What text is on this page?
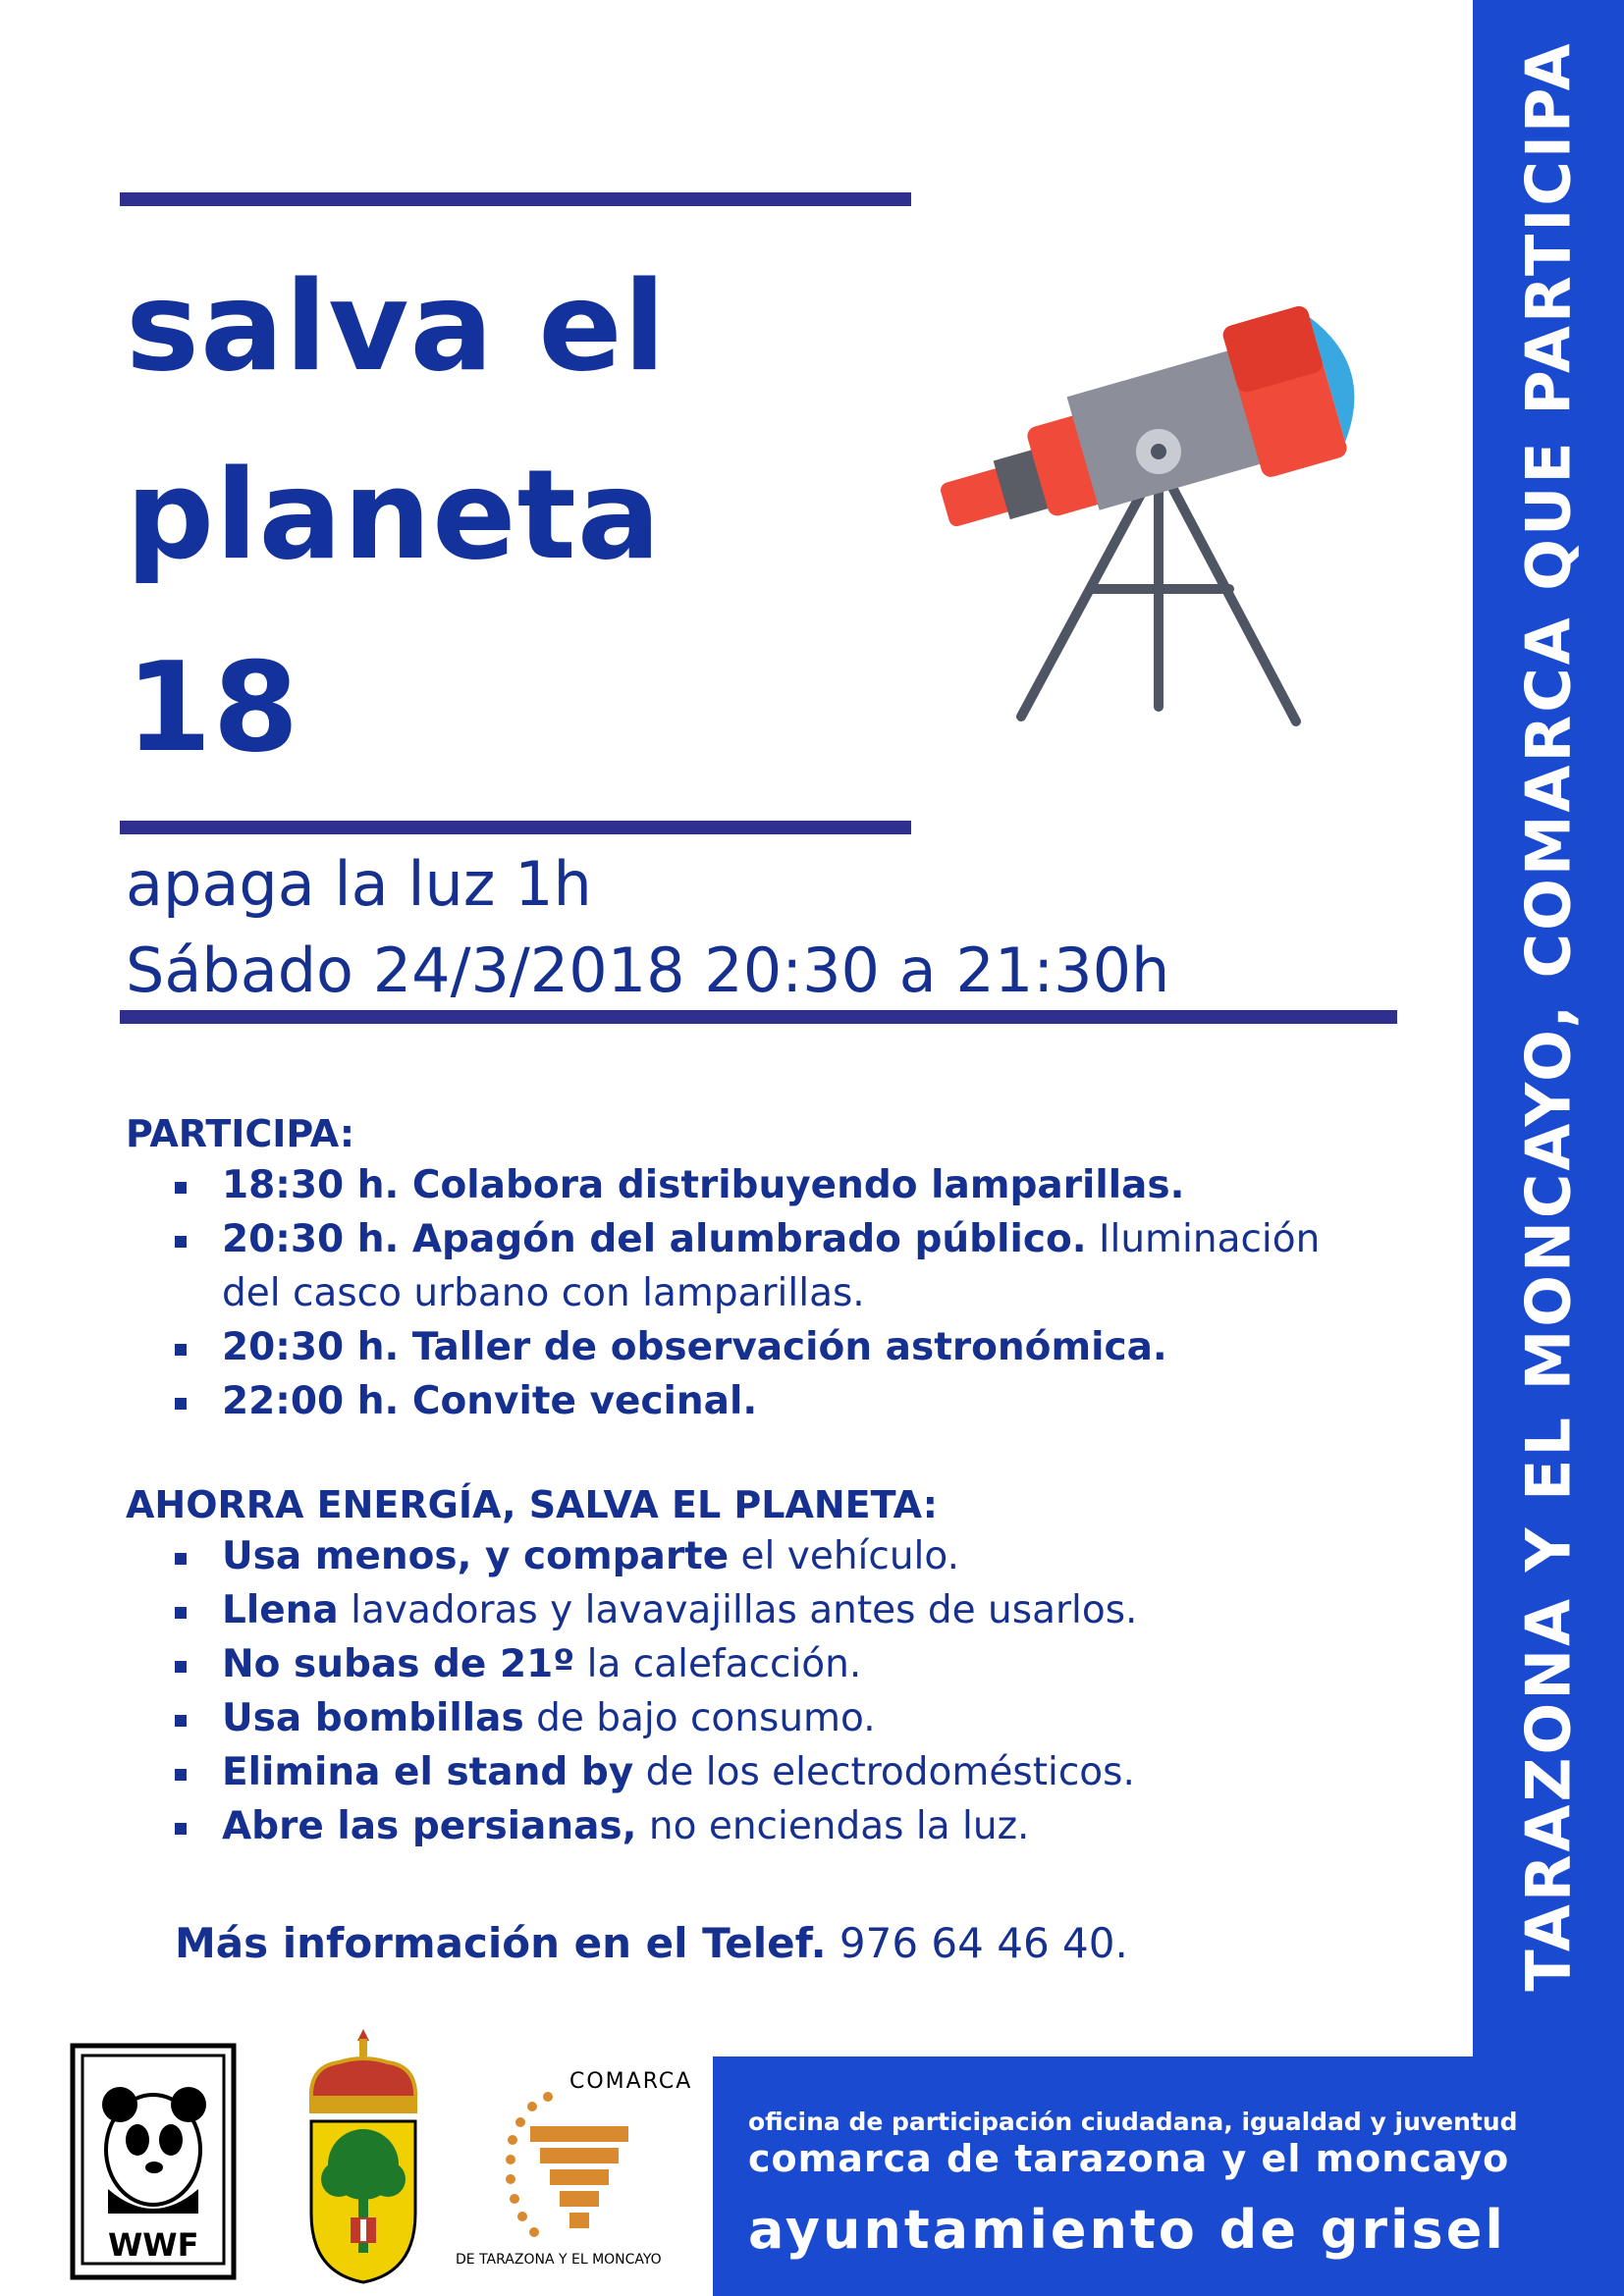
salva el
planeta
18
apaga la luz 1h
Sábado 24/3/2018 20:30 a 21:30h
PARTICIPA:
18:30 h. Colabora distribuyendo lamparillas.
20:30 h. Apagón del alumbrado público. Iluminación
del casco urbano con lamparillas.
20:30 h. Taller de observación astronómica.
22:00 h. Convite vecinal.
AHORRA ENERGÍA, SALVA EL PLANETA:
Usa menos, y comparte el vehículo.
Llena lavadoras y lavavajillas antes de usarlos.
No subas de 21º la calefacción.
Usa bombillas de bajo consumo.
Elimina el stand by de los electrodomésticos.
Abre las persianas, no enciendas la luz.
Más información en el Telef. 976 64 46 40.	TARAZONA Y EL MONCAYO, COMARCA QUE PARTICIPA
WWF
COMARCA
DE TARAZONA Y EL MONCAYO
oficina de participación ciudadana, igualdad y juventud
comarca de tarazona y el moncayo
ayuntamiento de grisel
